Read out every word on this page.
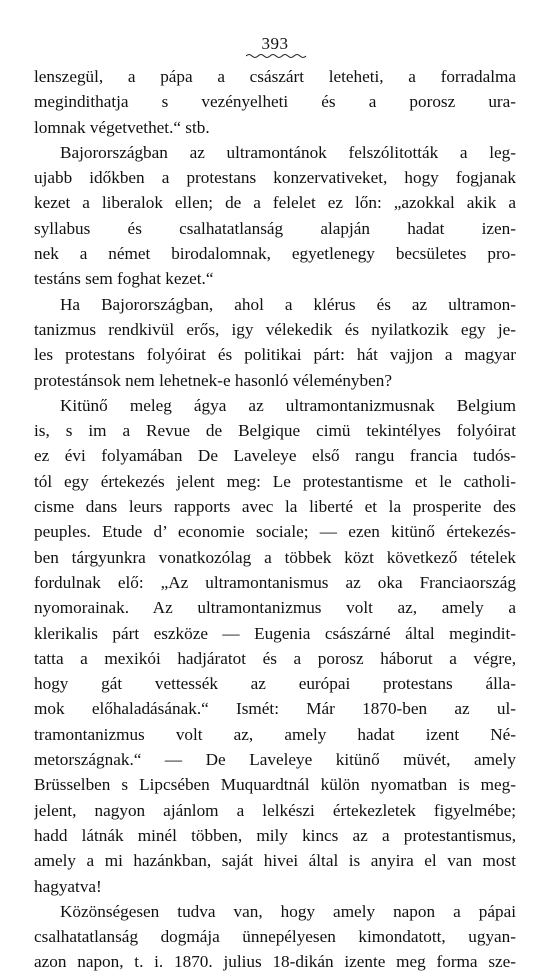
393
lenszegül, a pápa a császárt leteheti, a forradalma
megindithatja s vezényelheti és a porosz ura-
lomnak végetvethet.“ stb.
Bajorországban az ultramontánok felszólitották a leg-
ujabb időkben a protestans konzervativeket, hogy fogjanak
kezet a liberalok ellen; de a felelet ez lőn: „azokkal akik a
syllabus és csalhatatlanság alapján hadat izen-
nek a német birodalomnak, egyetlenegy becsületes pro-
testáns sem foghat kezet.“
Ha Bajorországban, ahol a klérus és az ultramon-
tanizmus rendkivül erős, igy vélekedik és nyilatkozik egy je-
les protestans folyóirat és politikai párt: hát vajjon a magyar
protestánsok nem lehetnek-e hasonló véleményben?
Kitünő meleg ágya az ultramontanizmusnak Belgium
is, s im a Revue de Belgique cimü tekintélyes folyóirat
ez évi folyamában De Laveleye első rangu francia tudós-
tól egy értekezés jelent meg: Le protestantisme et le catholi-
cisme dans leurs rapports avec la liberté et la prosperite des
peuples. Etude d’ economie sociale; — ezen kitünő értekezés-
ben tárgyunkra vonatkozólag a többek közt következő tételek
fordulnak elő: „Az ultramontanismus az oka Franciaország
nyomorainak. Az ultramontanizmus volt az, amely a
klerikalis párt eszköze — Eugenia császárné által megindit-
tatta a mexikói hadjáratot és a porosz háborut a végre,
hogy gát vettessék az európai protestans álla-
mok előhaladásának.“ Ismét: Már 1870-ben az ul-
tramontanizmus volt az, amely hadat izent Né-
metországnak.“ — De Laveleye kitünő müvét, amely
Brüsselben s Lipcsében Muquardtnál külön nyomatban is meg-
jelent, nagyon ajánlom a lelkészi értekezletek figyelmébe;
hadd látnák minél többen, mily kincs az a protestantismus,
amely a mi hazánkban, saját hivei által is anyira el van most
hagyatva!
Közönségesen tudva van, hogy amely napon a pápai
csalhatatlanság dogmája ünnepélyesen kimondatott, ugyan-
azon napon, t. i. 1870. julius 18-dikán izente meg forma sze-
